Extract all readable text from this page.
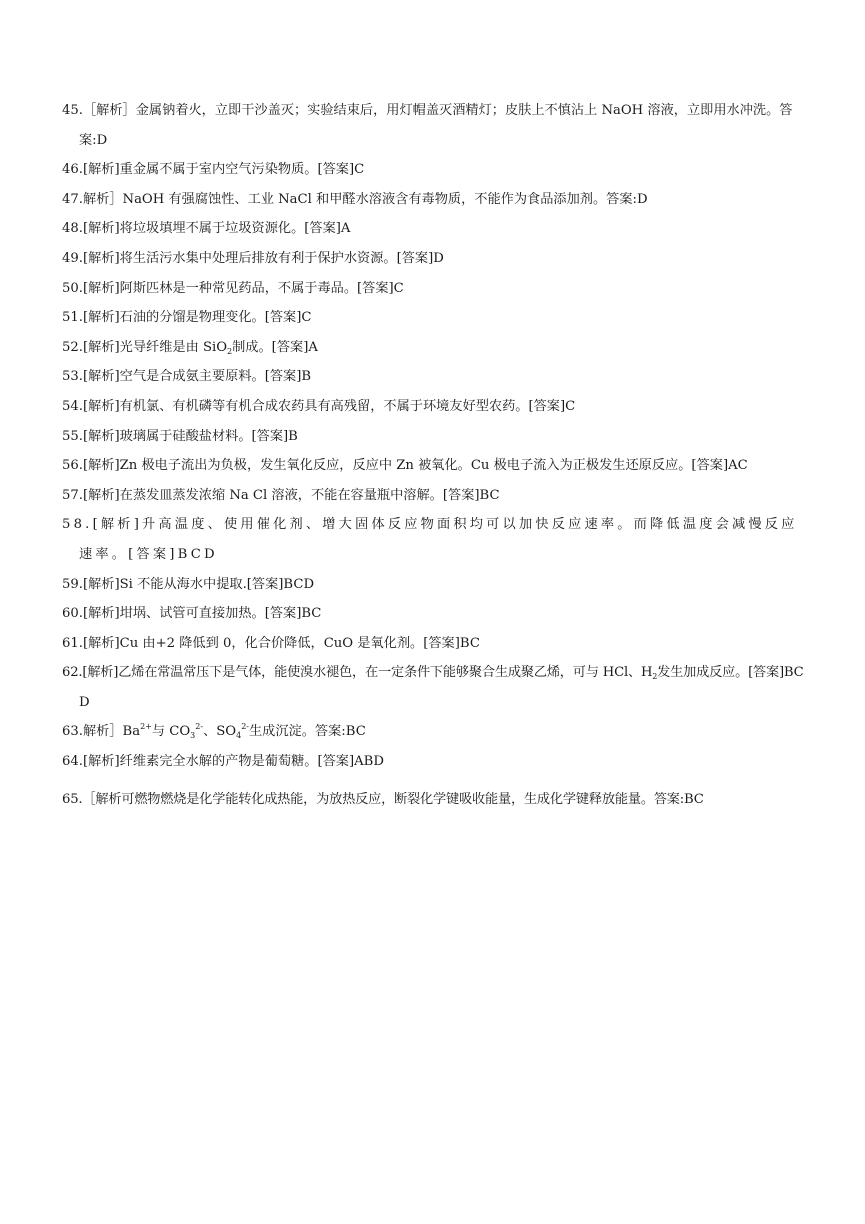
45.［解析］金属钠着火，立即干沙盖灭；实验结束后，用灯帽盖灭酒精灯；皮肤上不慎沾上 NaOH 溶液，立即用水冲洗。答案:D

46.[解析]重金属不属于室内空气污染物质。[答案]C

47.解析］NaOH 有强腐蚀性、工业 NaCl 和甲醛水溶液含有毒物质，不能作为食品添加剂。答案:D

48.[解析]将垃圾填埋不属于垃圾资源化。[答案]A

49.[解析]将生活污水集中处理后排放有利于保护水资源。[答案]D

50.[解析]阿斯匹林是一种常见药品，不属于毒品。[答案]C

51.[解析]石油的分馏是物理变化。[答案]C

52.[解析]光导纤维是由 SiO$_2$制成。[答案]A

53.[解析]空气是合成氨主要原料。[答案]B

54.[解析]有机氯、有机磷等有机合成农药具有高残留，不属于环境友好型农药。[答案]C

55.[解析]玻璃属于硅酸盐材料。[答案]B

56.[解析]Zn 极电子流出为负极，发生氧化反应，反应中 Zn 被氧化。Cu 极电子流入为正极发生还原反应。[答案]AC

57.[解析]在蒸发皿蒸发浓缩 Na Cl 溶液，不能在容量瓶中溶解。[答案]BC

58.[解析]升高温度、使用催化剂、增大固体反应物面积均可以加快反应速率。而降低温度会减慢反应速率。[答案]BCD

59.[解析]Si 不能从海水中提取.[答案]BCD

60.[解析]坩埚、试管可直接加热。[答案]BC

61.[解析]Cu 由+2 降低到 0，化合价降低，CuO 是氧化剂。[答案]BC

62.[解析]乙烯在常温常压下是气体，能使溴水褪色，在一定条件下能够聚合生成聚乙烯，可与 HCl、$H_2$发生加成反应。[答案]BCD

63.解析$]Ba^{2+}$与 $CO_3^{2-}$、$SO_4^{2-}$生成沉淀。答案:BC

64.[解析]纤维素完全水解的产物是葡萄糖。[答案]ABD

65.［解析可燃物燃烧是化学能转化成热能，为放热反应，断裂化学键吸收能量，生成化学键释放能量。答案:BC
